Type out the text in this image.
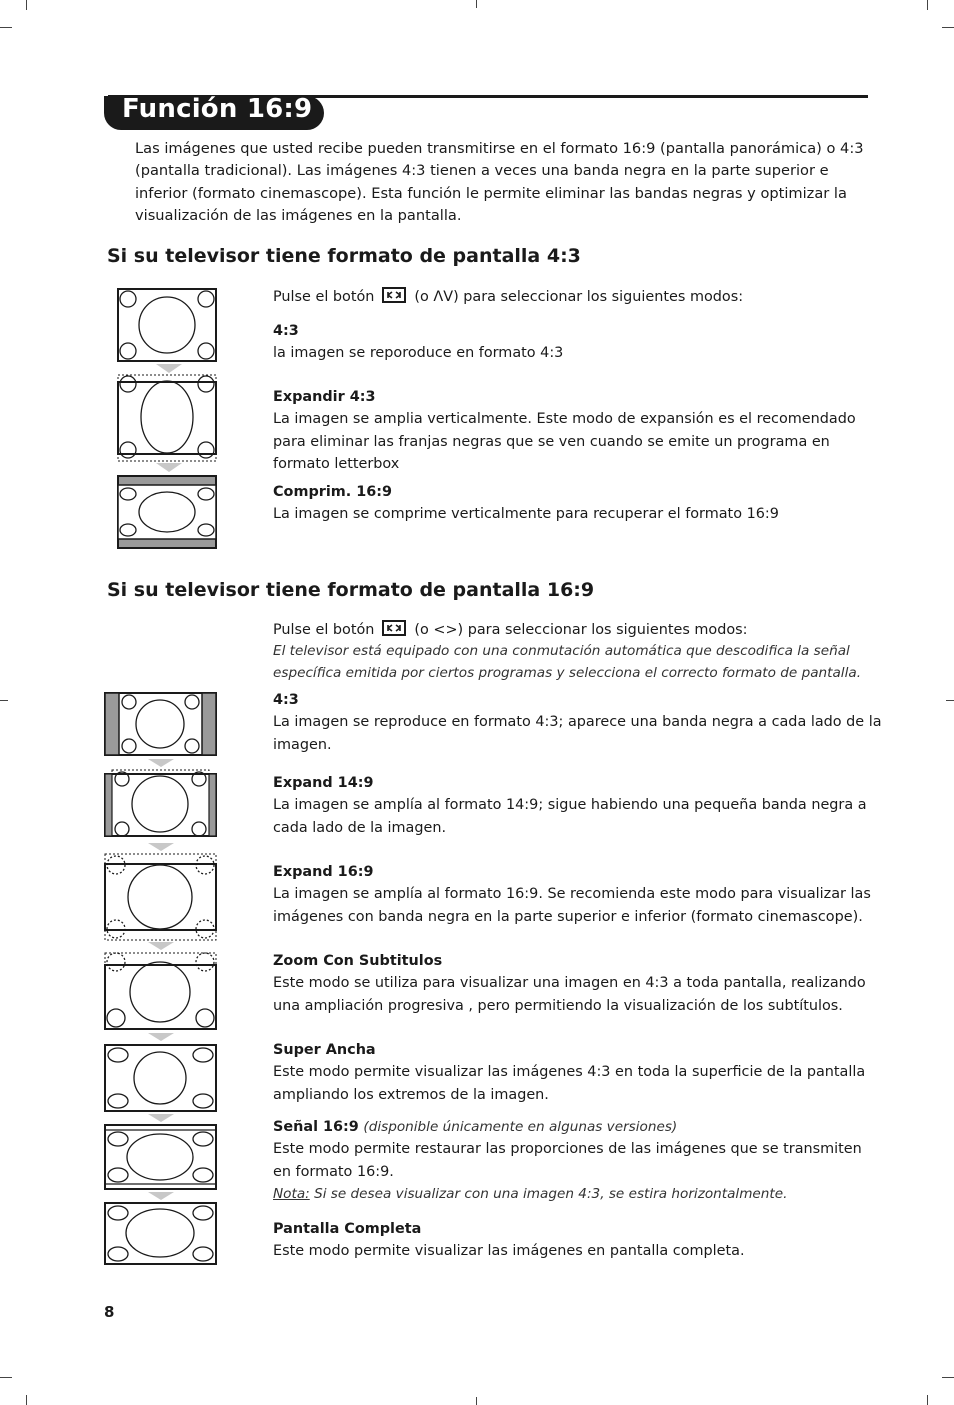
Función 16:9
Las imágenes que usted recibe pueden transmitirse en el formato 16:9 (pantalla panorámica) o 4:3 (pantalla tradicional). Las imágenes 4:3 tienen a veces una banda negra en la parte superior e inferior (formato cinemascope). Esta función le permite eliminar las bandas negras y optimizar la visualización de las imágenes en la pantalla.
Si su televisor tiene formato de pantalla 4:3
Pulse el botón	(o ΛV) para seleccionar los siguientes modos:
4:3
la imagen se reporoduce en formato 4:3
Expandir 4:3
La imagen se amplia verticalmente. Este modo de expansión es el recomendado para eliminar las franjas negras que se ven cuando se emite un programa en formato letterbox
Comprim. 16:9
La imagen se comprime verticalmente para recuperar el formato 16:9
Si su televisor tiene formato de pantalla 16:9
Pulse el botón	(o <>) para seleccionar los siguientes modos:
El televisor está equipado con una conmutación automática que descodifica la señal específica emitida por ciertos programas y selecciona el correcto formato de pantalla.
4:3
La imagen se reproduce en formato 4:3; aparece una banda negra a cada lado de la imagen.
Expand 14:9
La imagen se amplía al formato 14:9; sigue habiendo una pequeña banda negra a cada lado de la imagen.
Expand 16:9
La imagen se amplía al formato 16:9. Se recomienda este modo para visualizar las imágenes con banda negra en la parte superior e inferior (formato cinemascope).
Zoom Con Subtitulos
Este modo se utiliza para visualizar una imagen en 4:3 a toda pantalla, realizando una ampliación progresiva , pero permitiendo la visualización de los subtítulos.
Super Ancha
Este modo permite visualizar las imágenes 4:3 en toda la superficie de la pantalla ampliando los extremos de la imagen.
Señal 16:9 (disponible únicamente en algunas versiones)
Este modo permite restaurar las proporciones de las imágenes que se transmiten en formato 16:9.
Nota: Si se desea visualizar con una imagen 4:3, se estira horizontalmente.
Pantalla Completa
Este modo permite visualizar las imágenes en pantalla completa.
8
